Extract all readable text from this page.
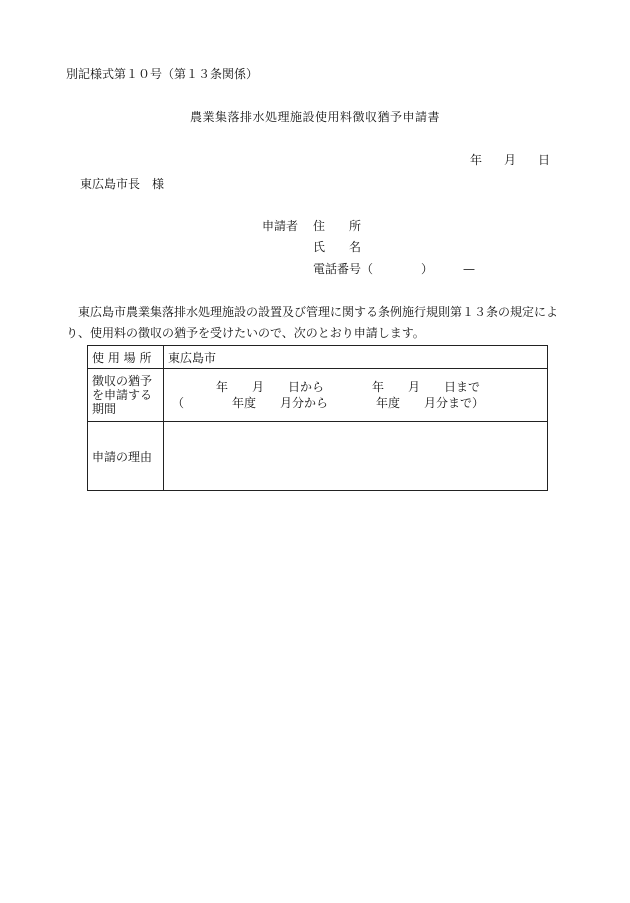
別記様式第１０号（第１３条関係）
農業集落排水処理施設使用料徴収猶予申請書
年 月 日
東広島市長　様
申請者 住　　所
氏　　名
電話番号（　　　　）　　　—
東広島市農業集落排水処理施設の設置及び管理に関する条例施行規則第１３条の規定により、使用料の徴収の猶予を受けたいので、次のとおり申請します。
使 用 場 所	東広島市
徴収の猶予を申請する期間	年　　月　　日から　　　　年　　月　　日まで
（　　　　年度　　月分から　　　　年度　　月分まで）

申請の理由	
